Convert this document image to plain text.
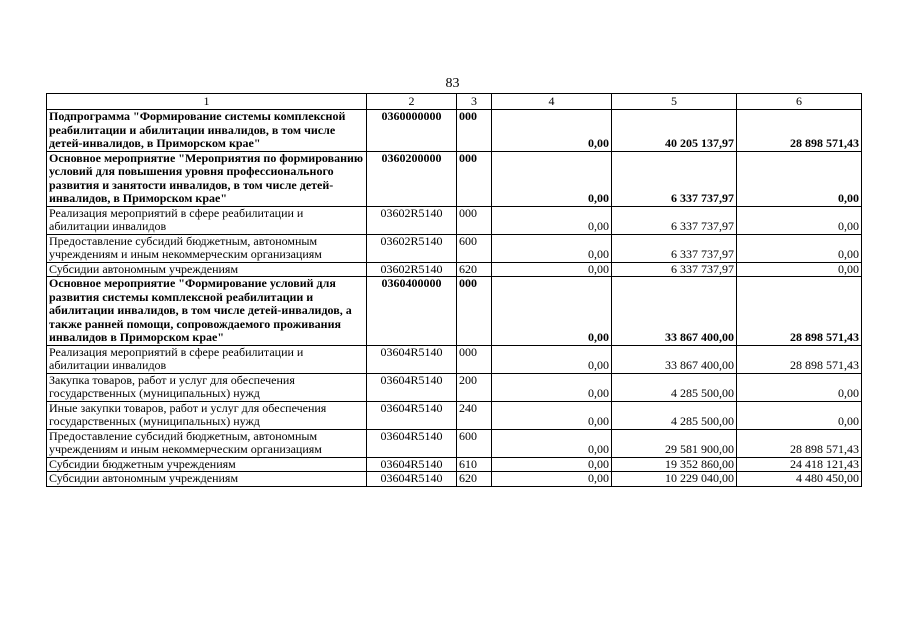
83
1	2	3	4	5	6
Подпрограмма "Формирование системы комплексной реабилитации и абилитации инвалидов, в том числе детей-инвалидов, в Приморском крае"	0360000000	000	0,00	40 205 137,97	28 898 571,43
Основное мероприятие "Мероприятия по формированию условий для повышения уровня профессионального развития и занятости инвалидов, в том числе детей-инвалидов, в Приморском крае"	0360200000	000	0,00	6 337 737,97	0,00
Реализация мероприятий в сфере реабилитации и абилитации инвалидов	03602R5140	000	0,00	6 337 737,97	0,00
Предоставление субсидий бюджетным, автономным учреждениям и иным некоммерческим организациям	03602R5140	600	0,00	6 337 737,97	0,00
Субсидии автономным учреждениям	03602R5140	620	0,00	6 337 737,97	0,00
Основное мероприятие "Формирование условий для развития системы комплексной реабилитации и абилитации инвалидов, в том числе детей-инвалидов, а также ранней помощи, сопровождаемого проживания инвалидов в Приморском крае"	0360400000	000	0,00	33 867 400,00	28 898 571,43
Реализация мероприятий в сфере реабилитации и абилитации инвалидов	03604R5140	000	0,00	33 867 400,00	28 898 571,43
Закупка товаров, работ и услуг для обеспечения государственных (муниципальных) нужд	03604R5140	200	0,00	4 285 500,00	0,00
Иные закупки товаров, работ и услуг для обеспечения государственных (муниципальных) нужд	03604R5140	240	0,00	4 285 500,00	0,00
Предоставление субсидий бюджетным, автономным учреждениям и иным некоммерческим организациям	03604R5140	600	0,00	29 581 900,00	28 898 571,43
Субсидии бюджетным учреждениям	03604R5140	610	0,00	19 352 860,00	24 418 121,43
Субсидии автономным учреждениям	03604R5140	620	0,00	10 229 040,00	4 480 450,00
